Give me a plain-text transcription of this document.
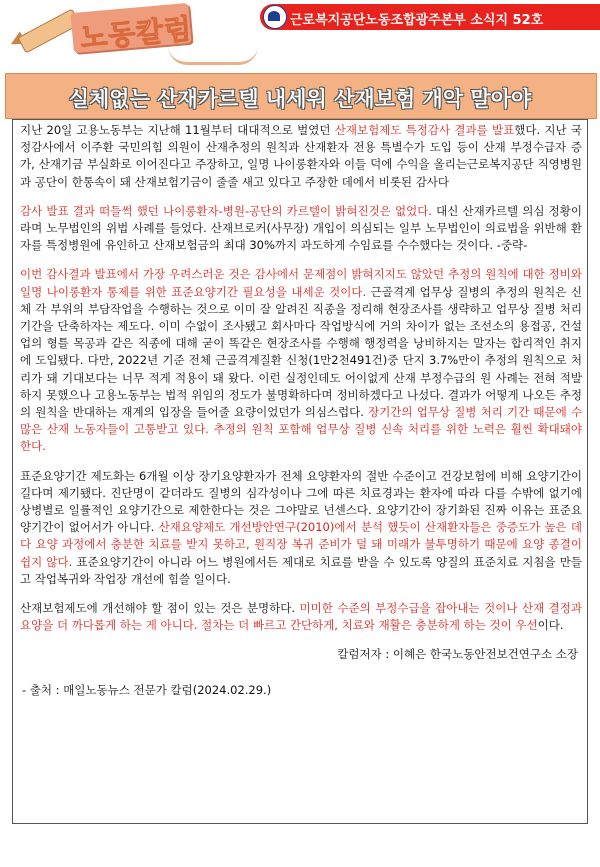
노동칼럼	근로복지공단노동조합광주본부 소식지 52호
실체없는 산재카르텔 내세워 산재보험 개악 말아야

지난 20일 고용노동부는 지난해 11월부터 대대적으로 벌였던 산재보험제도 특정감사 결과를 발표했다. 지난 국정감사에서 이주환 국민의힘 의원이 산재추정의 원칙과 산재환자 전용 특별수가 도입 등이 산재 부정수급자 증가, 산재기금 부실화로 이어진다고 주장하고, 일명 나이롱환자와 이들 덕에 수익을 올리는근로복지공단 직영병원과 공단이 한통속이 돼 산재보험기금이 줄줄 새고 있다고 주장한 데에서 비롯된 감사다

감사 발표 결과 떠들썩 했던 나이롱환자-병원-공단의 카르텔이 밝혀진것은 없었다. 대신 산재카르텔 의심 정황이라며 노무법인의 위법 사례를 들었다. 산재브로커(사무장) 개입이 의심되는 일부 노무법인이 의료법을 위반해 환자를 특정병원에 유인하고 산재보험금의 최대 30%까지 과도하게 수임료를 수수했다는 것이다. -중략-

이번 감사결과 발표에서 가장 우려스러운 것은 감사에서 문제점이 밝혀지지도 않았던 추정의 원칙에 대한 정비와 일명 나이롱환자 통제를 위한 표준요양기간 필요성을 내세운 것이다. 근골격계 업무상 질병의 추정의 원칙은 신체 각 부위의 부담작업을 수행하는 것으로 이미 잘 알려진 직종을 정리해 현장조사를 생략하고 업무상 질병 처리 기간을 단축하자는 제도다. 이미 수없이 조사됐고 회사마다 작업방식에 거의 차이가 없는 조선소의 용접공, 건설업의 형틀 목공과 같은 직종에 대해 굳이 똑같은 현장조사를 수행해 행정력을 낭비하지는 말자는 합리적인 취지에 도입됐다. 다만, 2022년 기준 전체 근골격계질환 신청(1만2천491건)중 단지 3.7%만이 추정의 원칙으로 처리가 돼 기대보다는 너무 적게 적용이 돼 왔다. 이런 실정인데도 어이없게 산재 부정수급의 원 사례는 전혀 적발하지 못했으나 고용노동부는 법적 위임의 정도가 불명확하다며 정비하겠다고 나섰다. 결과가 어떻게 나오든 추정의 원칙을 반대하는 재계의 입장을 들어줄 요량이었던가 의심스럽다. 장기간의 업무상 질병 처리 기간 때문에 수많은 산재 노동자들이 고통받고 있다. 추정의 원칙 포함해 업무상 질병 신속 처리를 위한 노력은 훨씬 확대돼야 한다.

표준요양기간 제도화는 6개월 이상 장기요양환자가 전체 요양환자의 절반 수준이고 건강보험에 비해 요양기간이 길다며 제기됐다. 진단명이 같더라도 질병의 심각성이나 그에 따른 치료경과는 환자에 따라 다를 수밖에 없기에 상병별로 일률적인 요양기간으로 제한한다는 것은 그야말로 넌센스다. 요양기간이 장기화된 진짜 이유는 표준요양기간이 없어서가 아니다. 산재요양제도 개선방안연구(2010)에서 분석 했듯이 산재환자들은 중증도가 높은 데다 요양 과정에서 충분한 치료를 받지 못하고, 원직장 복귀 준비가 덜 돼 미래가 불투명하기 때문에 요양 종결이 쉽지 않다. 표준요양기간이 아니라 어느 병원에서든 제대로 치료를 받을 수 있도록 양질의 표준치료 지침을 만들고 작업복귀와 작업장 개선에 힘쓸 일이다.

산재보험제도에 개선해야 할 점이 있는 것은 분명하다. 미미한 수준의 부정수급을 잡아내는 것이나 산재 결정과 요양을 더 까다롭게 하는 게 아니다. 절차는 더 빠르고 간단하게, 치료와 재활은 충분하게 하는 것이 우선이다.

칼럼저자 : 이혜은 한국노동안전보건연구소 소장
- 출처 : 매일노동뉴스 전문가 칼럼(2024.02.29.)
